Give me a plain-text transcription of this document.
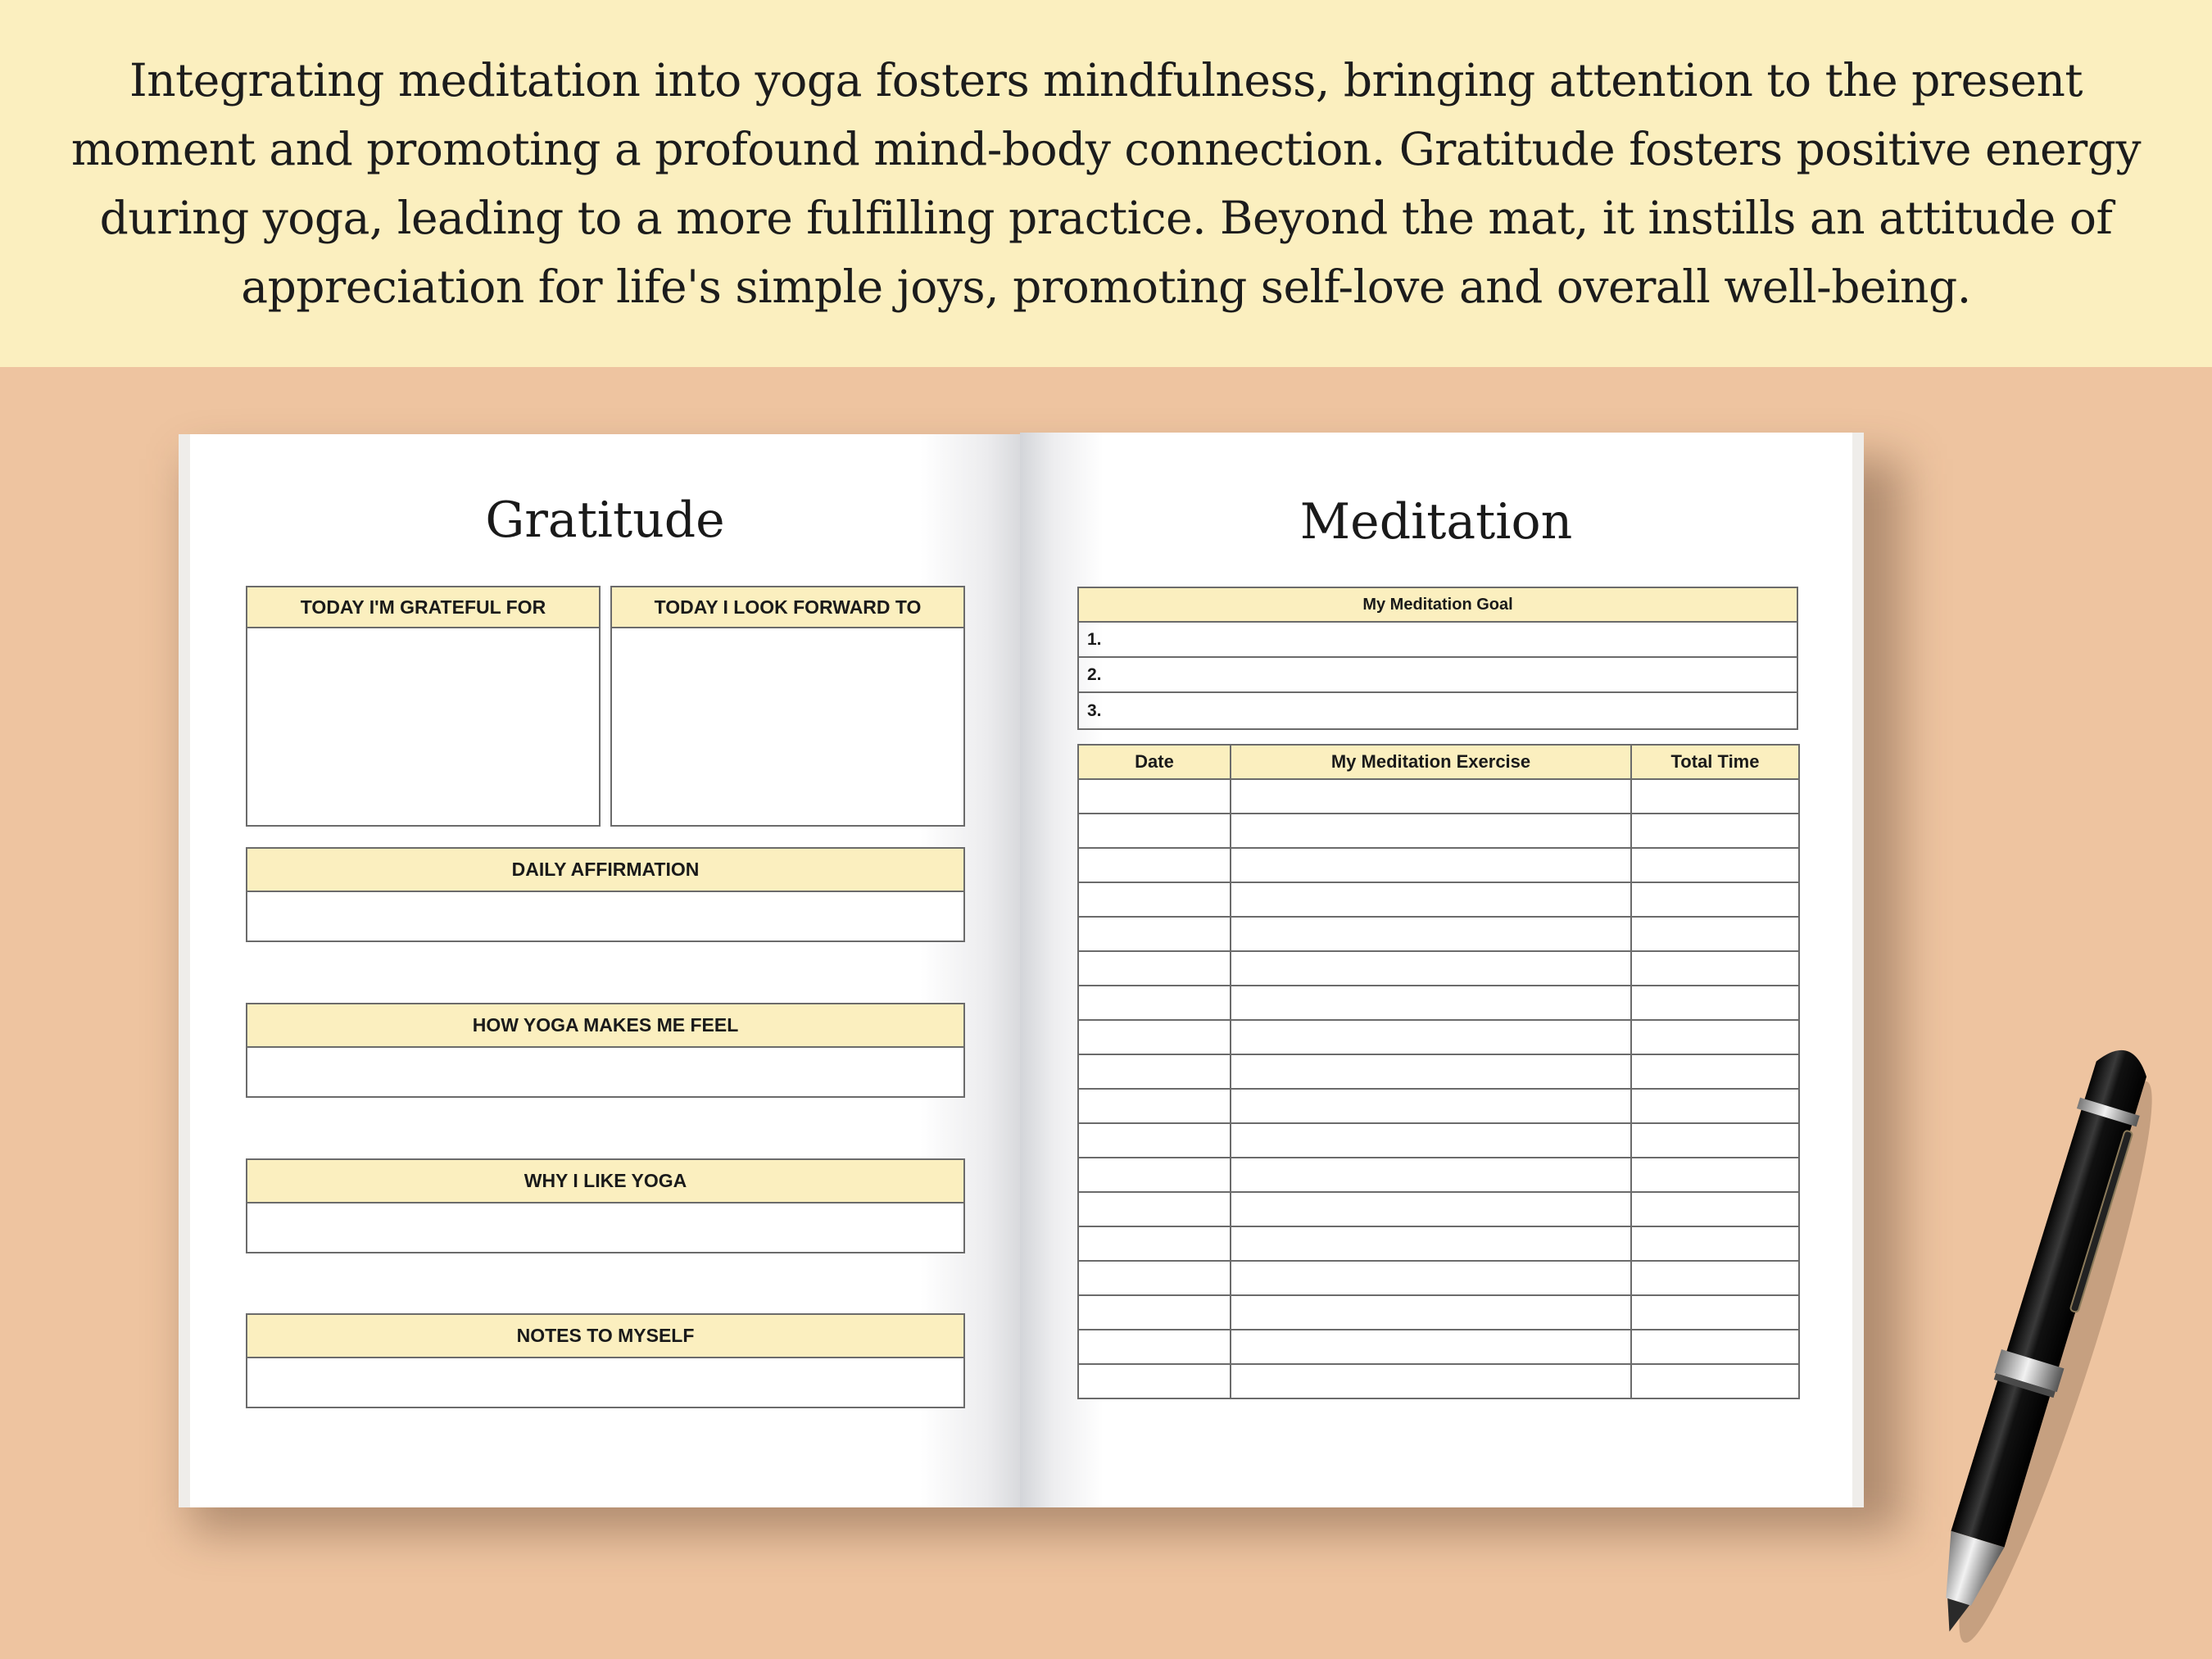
Integrating meditation into yoga fosters mindfulness, bringing attention to the present
moment and promoting a profound mind-body connection. Gratitude fosters positive energy
during yoga, leading to a more fulfilling practice. Beyond the mat, it instills an attitude of
appreciation for life's simple joys, promoting self-love and overall well-being.

Gratitude
TODAY I'M GRATEFUL FOR	TODAY I LOOK FORWARD TO
DAILY AFFIRMATION
HOW YOGA MAKES ME FEEL
WHY I LIKE YOGA
NOTES TO MYSELF
Meditation
My Meditation Goal
1.
2.
3.
Date	My Meditation Exercise	Total Time
